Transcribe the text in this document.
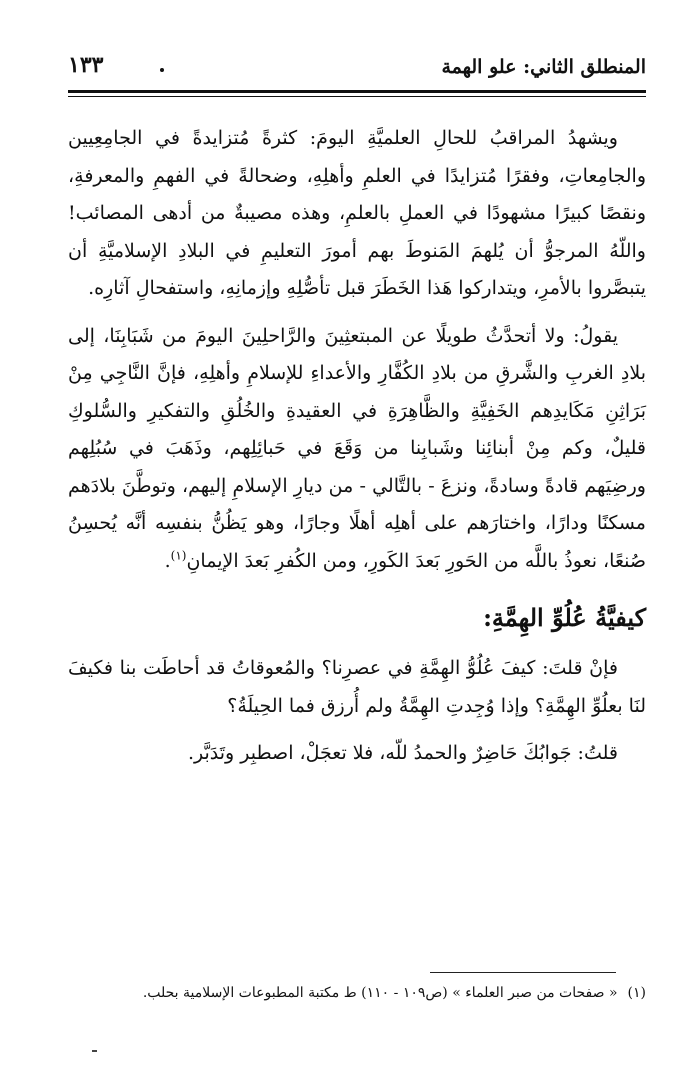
المنطلق الثاني: علو الهمة
١٣٣

ويشهدُ المراقبُ للحالِ العلميَّةِ اليومَ: كثرةً مُتزايدةً في الجامِعِيين والجامِعاتِ، وفقرًا مُتزايدًا في العلمِ وأهلِهِ، وضحالةً في الفهمِ والمعرفةِ، ونقصًا كبيرًا مشهودًا في العملِ بالعلمِ، وهذه مصيبةٌ من أدهى المصائب! واللّهُ المرجوُّ أن يُلهمَ المَنوطَ بهم أمورَ التعليمِ في البلادِ الإسلاميَّةِ أن يتبصَّروا بالأمرِ، ويتداركوا هَذا الخَطَرَ قبل تأصُّلِهِ وإزمانِهِ، واستفحالِ آثارِه.

يقولُ: ولا أتحدَّثُ طويلًا عن المبتعثِينَ والرَّاحلِينَ اليومَ من شَبَابِنَا، إلى بلادِ الغربِ والشَّرقِ من بلادِ الكُفَّارِ والأعداءِ للإسلامِ وأهلِهِ، فإنَّ النَّاجِي مِنْ بَرَاثِنِ مَكَايدِهم الخَفِيَّةِ والظَّاهِرَةِ في العقيدةِ والخُلُقِ والتفكيرِ والسُّلوكِ قليلٌ، وكم مِنْ أبنائِنا وشَبابِنا من وَقَعَ في حَبائِلِهم، وذَهَبَ في سُبُلِهم ورضِيَهم قادةً وسادةً، ونزعَ - بالتَّالي - من ديارِ الإسلامِ إليهم، وتوطَّنَ بلادَهم مسكنًا ودارًا، واختارَهم على أهلِه أهلًا وجارًا، وهو يَظُنُّ بنفسِه أنَّه يُحسِنُ صُنعًا، نعوذُ باللَّه من الحَورِ بَعدَ الكَورِ، ومن الكُفرِ بَعدَ الإيمانِ$^{(١)}$.

كيفيَّةُ عُلُوِّ الهِمَّةِ:

فإنْ قلتَ: كيفَ عُلُوُّ الهِمَّةِ في عصرِنا؟ والمُعوقاتُ قد أحاطَت بنا فكيفَ لنَا بعلُوِّ الهِمَّةِ؟ وإذا وُجِدتِ الهِمَّةُ ولم أُرزق فما الحِيلَةُ؟

قلتُ: جَوابُكَ حَاضِرٌ والحمدُ للّه، فلا تعجَلْ، اصطبِر وتَدَبَّر.

(١)« صفحات من صبر العلماء » (ص١٠٩ - ١١٠) ط مكتبة المطبوعات الإسلامية بحلب.
